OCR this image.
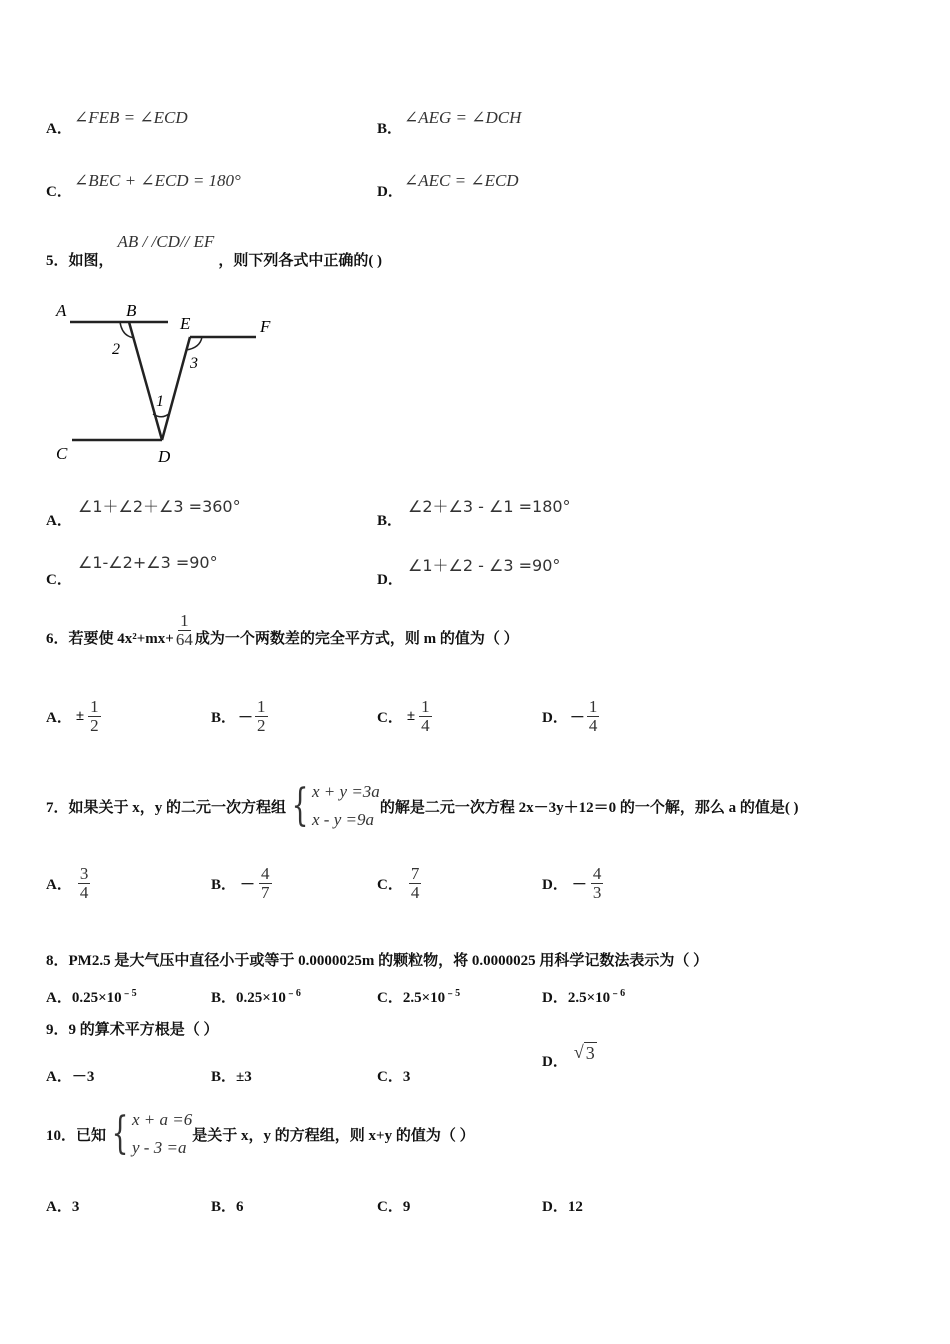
A．
∠FEB = ∠ECD
B．
∠AEG = ∠DCH
C．
∠BEC + ∠ECD = 180°
D．
∠AEC = ∠ECD
5．如图，
AB / /CD// EF
，则下列各式中正确的( )
A	B
E	F
C	D
2
3
1
A．
∠1＋∠2＋∠3 =360°
B．
∠2＋∠3 - ∠1 =180°
C．
∠1-∠2+∠3 =90°
D．
∠1＋∠2 - ∠3 =90°
6．若要使 $4x^2+mx+ \frac{1}{64}$ 成为一个两数差的完全平方式，则 m 的值为（ ）
A． ± $\frac{1}{2}$	B． － $\frac{1}{2}$	C． ± $\frac{1}{4}$	D． － $\frac{1}{4}$
7．如果关于 x，y 的二元一次方程组 { x + y =3a
x - y =9a
的解是二元一次方程 2x－3y＋12＝0 的一个解，那么 a 的值是( )
A． $\frac{3}{4}$	B． － $\frac{4}{7}$	C． $\frac{7}{4}$	D． － $\frac{4}{3}$
8．PM2.5 是大气压中直径小于或等于 0.0000025m 的颗粒物，将 0.0000025 用科学记数法表示为（ ）
A．$0.25\times 10^{﹣5}$	B．$0.25\times 10^{﹣6}$	C．$2.5\times 10^{﹣5}$	D．$2.5\times 10^{﹣6}$
9．9 的算术平方根是（ ）
A．－3	B．±3	C．3
D． √ 3
10．已知 { x + a =6
y - 3 =a
是关于 x，y 的方程组，则 x+y 的值为（ ）
A．3	B．6	C．9	D．12
